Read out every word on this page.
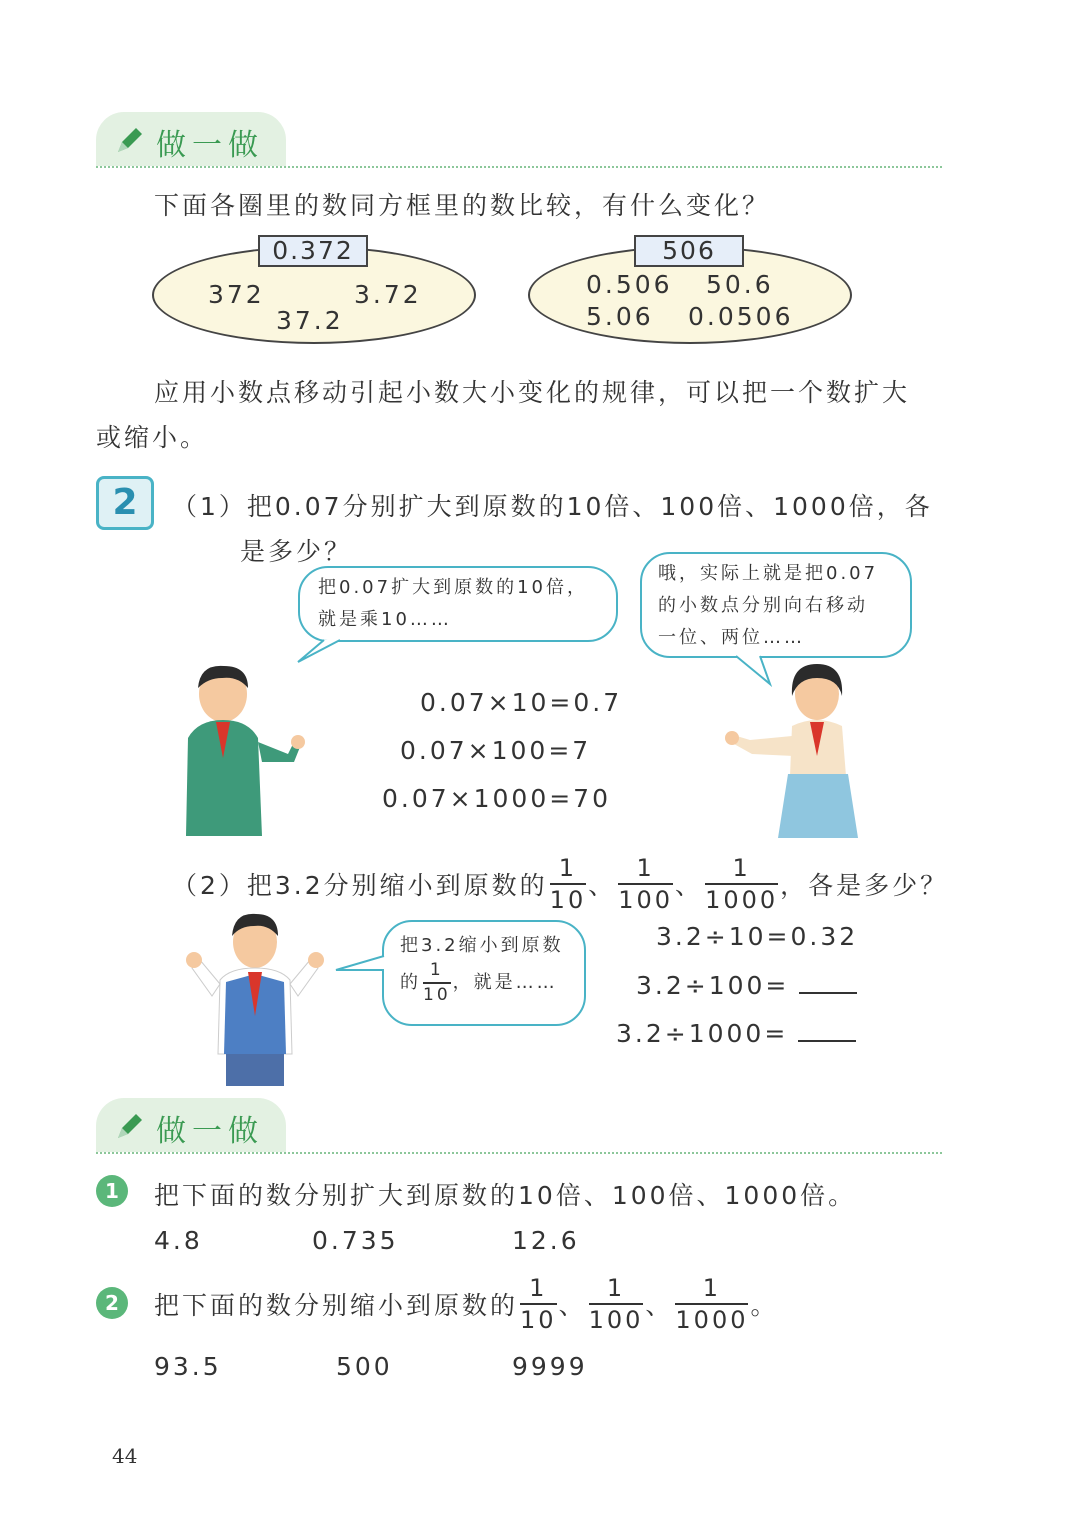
做一做
下面各圈里的数同方框里的数比较，有什么变化？
0.372
372	3.72
37.2
506
0.506 50.6
5.06 0.0506
应用小数点移动引起小数大小变化的规律，可以把一个数扩大
或缩小。
2	（1）把0.07分别扩大到原数的10倍、100倍、1000倍，各
是多少？
把0.07扩大到原数的10倍，
就是乘10……
哦，实际上就是把0.07
的小数点分别向右移动
一位、两位……
0.07×10=0.7
0.07×100=7
0.07×1000=70
（2）把3.2分别缩小到原数的 $\frac{1}{10}$ 、 $\frac{1}{100}$ 、 $\frac{1}{1000}$ ，各是多少？
把3.2缩小到原数
的 $\frac{1}{10}$ ，就是……
3.2÷10=0.32
3.2÷100=
3.2÷1000=
做一做
1	把下面的数分别扩大到原数的10倍、100倍、1000倍。
4.8	0.735	12.6
2	把下面的数分别缩小到原数的 $\frac{1}{10}$ 、 $\frac{1}{100}$ 、 $\frac{1}{1000}$ 。
93.5	500	9999
44
